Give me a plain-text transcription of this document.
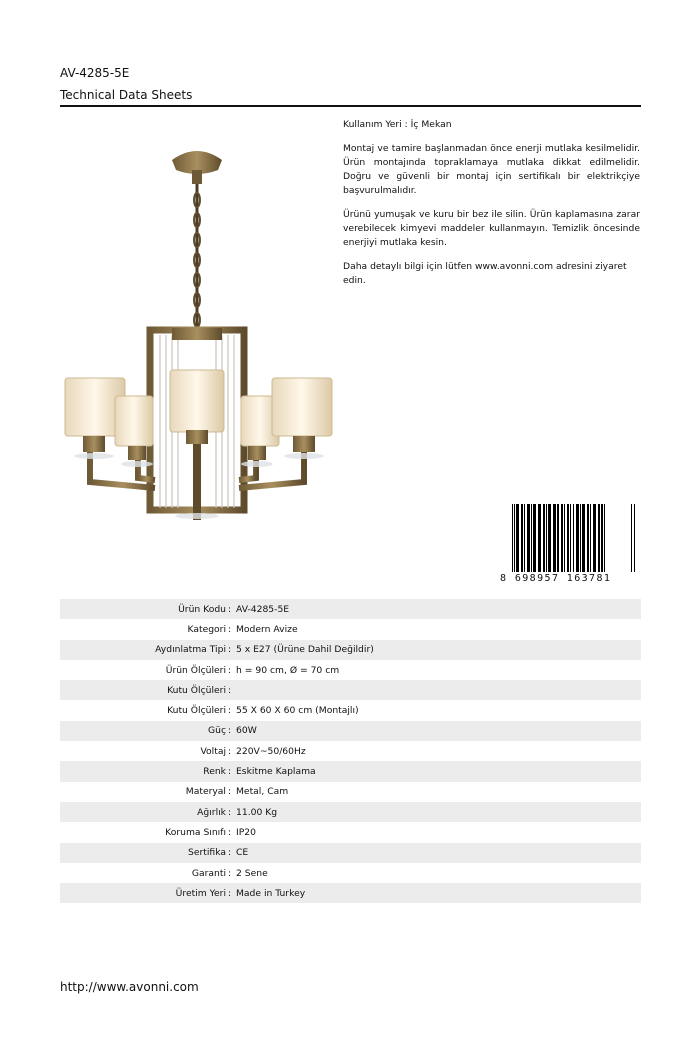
AV-4285-5E
Technical Data Sheets

Kullanım Yeri : İç Mekan

Montaj ve tamire başlanmadan önce enerji mutlaka kesilmelidir. Ürün montajında topraklamaya mutlaka dikkat edilmelidir. Doğru ve güvenli bir montaj için sertifikalı bir elektrikçiye başvurulmalıdır.

Ürünü yumuşak ve kuru bir bez ile silin. Ürün kaplamasına zarar verebilecek kimyevi maddeler kullanmayın. Temizlik öncesinde enerjiyi mutlaka kesin.

Daha detaylı bilgi için lütfen www.avonni.com adresini ziyaret edin.

8 698957 163781
Ürün Kodu : AV-4285-5E
Kategori : Modern Avize
Aydınlatma Tipi : 5 x E27 (Ürüne Dahil Değildir)
Ürün Ölçüleri : h = 90 cm, Ø = 70 cm
Kutu Ölçüleri :
Kutu Ölçüleri : 55 X 60 X 60 cm (Montajlı)
Güç : 60W
Voltaj : 220V~50/60Hz
Renk : Eskitme Kaplama
Materyal : Metal, Cam
Ağırlık : 11.00 Kg
Koruma Sınıfı : IP20
Sertifika : CE
Garanti : 2 Sene
Üretim Yeri : Made in Turkey
http://www.avonni.com
